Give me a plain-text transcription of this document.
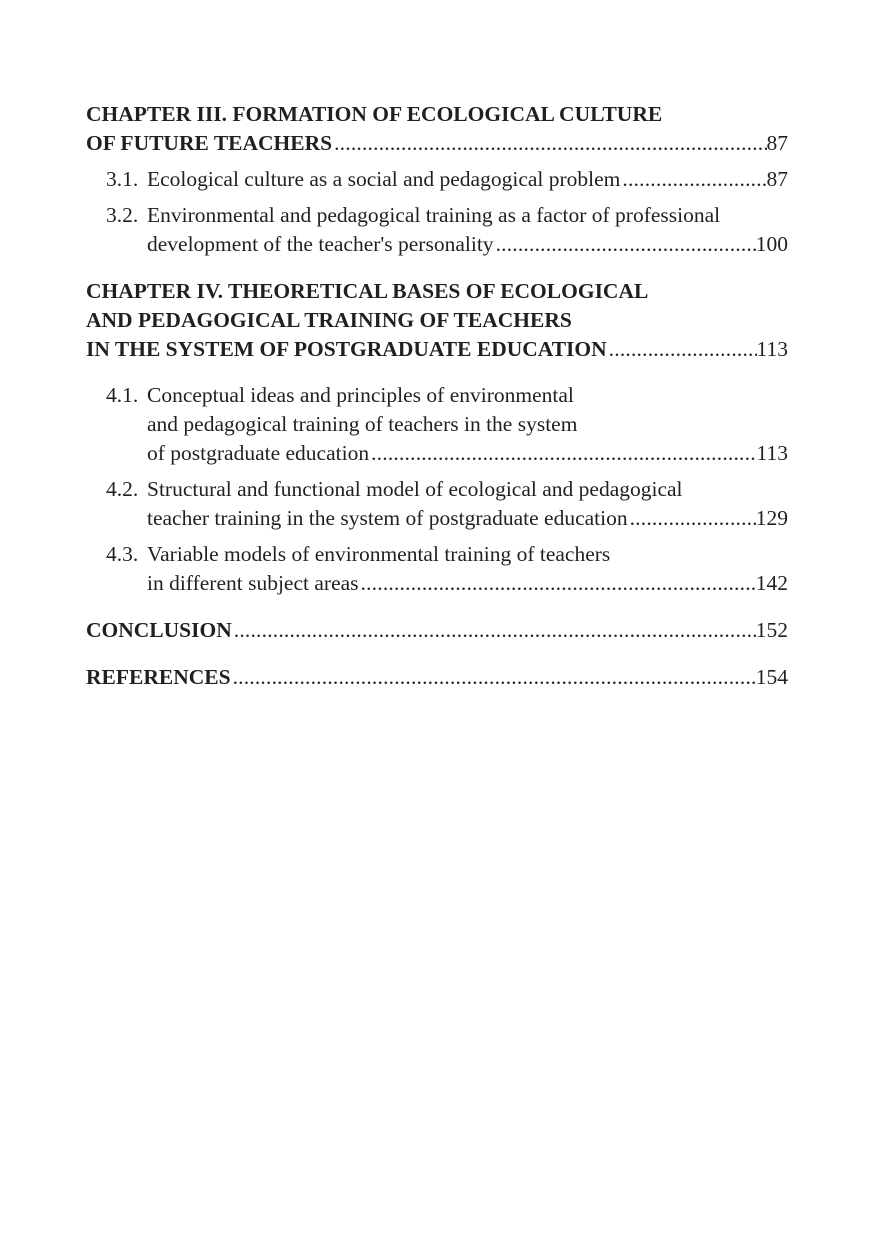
CHAPTER III. FORMATION OF ECOLOGICAL CULTURE
OF FUTURE TEACHERS .....	87
3.1. Ecological culture as a social and pedagogical problem .....	87
3.2. Environmental and pedagogical training as a factor of professional
development of the teacher's personality .....	100
CHAPTER IV. THEORETICAL BASES OF ECOLOGICAL
AND PEDAGOGICAL TRAINING OF TEACHERS
IN THE SYSTEM OF POSTGRADUATE EDUCATION .....	113
4.1. Conceptual ideas and principles of environmental
and pedagogical training of teachers in the system
of postgraduate education .....	113
4.2. Structural and functional model of ecological and pedagogical
teacher training in the system of postgraduate education .....	129
4.3. Variable models of environmental training of teachers
in different subject areas .....	142
CONCLUSION .....	152
REFERENCES .....	154
